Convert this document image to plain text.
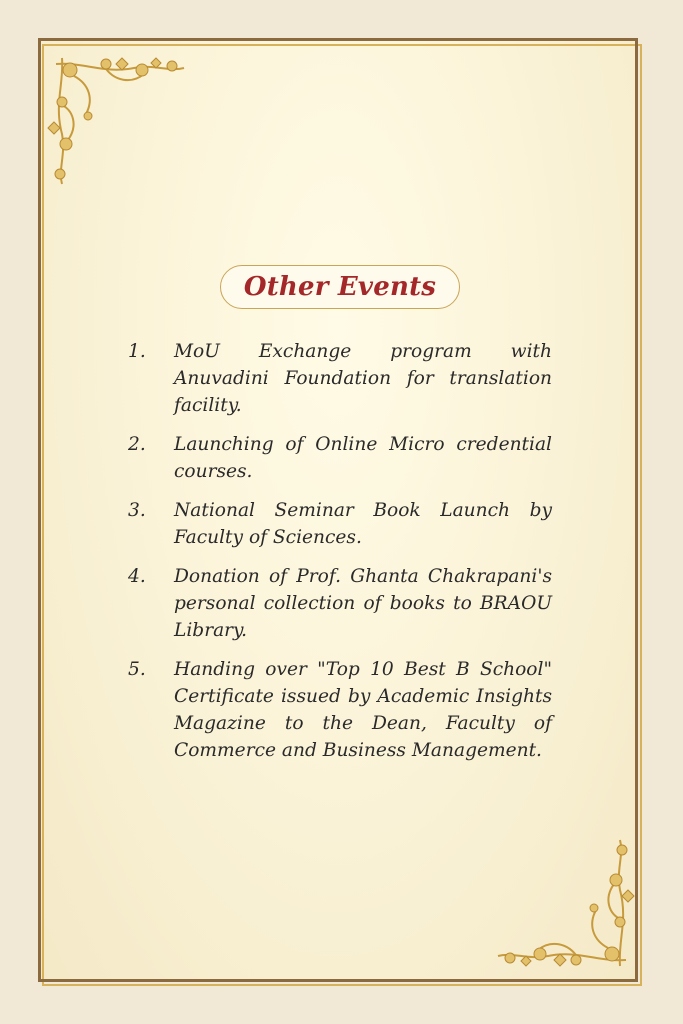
Other Events
1.	MoU Exchange program with Anuvadini Foundation for translation facility.
2.	Launching of Online Micro credential courses.
3.	National Seminar Book Launch by Faculty of Sciences.
4.	Donation of Prof. Ghanta Chakrapani's personal collection of books to BRAOU Library.
5.	Handing over "Top 10 Best B School" Certificate issued by Academic Insights Magazine to the Dean, Faculty of Commerce and Business Management.
